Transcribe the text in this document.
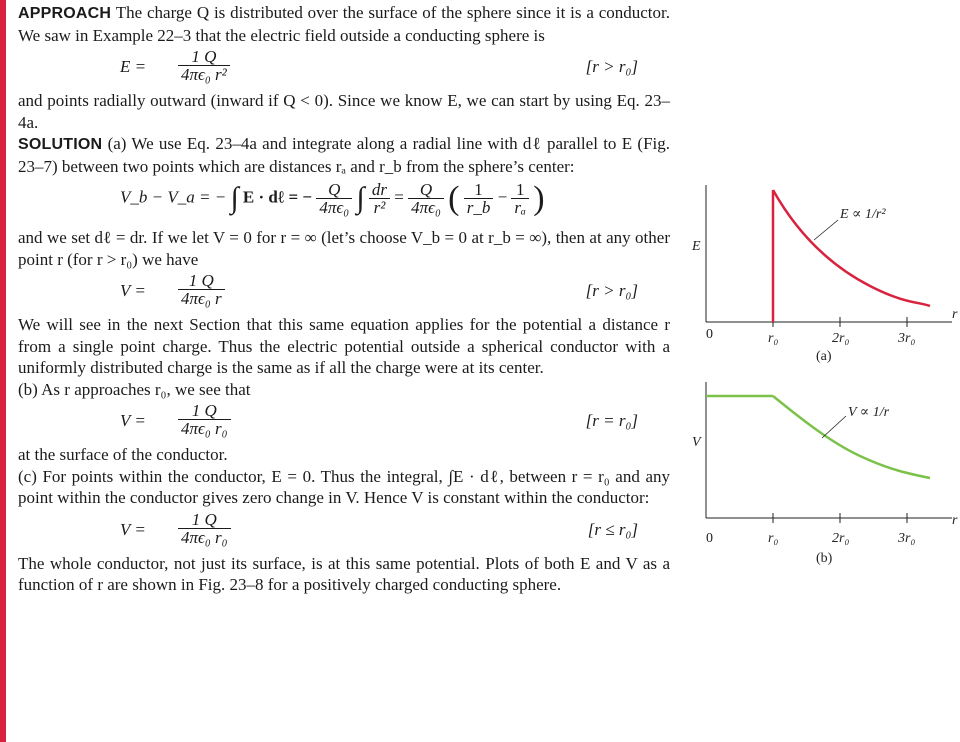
APPROACH The charge Q is distributed over the surface of the sphere since it is a conductor. We saw in Example 22–3 that the electric field outside a conducting sphere is

$E = \frac{1 Q}{\text{4πϵ₀ r²}}$	[r > r₀]

and points radially outward (inward if Q < 0). Since we know E, we can start by using Eq. 23–4a.

SOLUTION (a) We use Eq. 23–4a and integrate along a radial line with dℓ parallel to E (Fig. 23–7) between two points which are distances rₐ and r_b from the sphere’s center:

V_b − V_a = − ∫ E · dℓ = − $\frac{Q}{\text{4πϵ₀}}$ ∫ $\frac{dr}{\text{r²}} = \frac{Q}{\text{4πϵ₀}}$ ( $\frac{1}{r\_b} - \frac{1}{\text{rₐ}}$ )

and we set dℓ = dr. If we let V = 0 for r = ∞ (let’s choose V_b = 0 at r_b = ∞), then at any other point r (for r > r₀) we have

$V = \frac{1 Q}{\text{4πϵ₀ r}}$	[r > r₀]

We will see in the next Section that this same equation applies for the potential a distance r from a single point charge. Thus the electric potential outside a spherical conductor with a uniformly distributed charge is the same as if all the charge were at its center.

(b) As r approaches r₀, we see that

$V = \frac{1 Q}{\text{4πϵ₀ r₀}}$	[r = r₀]

at the surface of the conductor.

(c) For points within the conductor, E = 0. Thus the integral, ∫E · dℓ, between r = r₀ and any point within the conductor gives zero change in V. Hence V is constant within the conductor:

$V = \frac{1 Q}{\text{4πϵ₀ r₀}}$	[r ≤ r₀]

The whole conductor, not just its surface, is at this same potential. Plots of both E and V as a function of r are shown in Fig. 23–8 for a positively charged conducting sphere.

E
r
0	r₀	2r₀	3r₀
E ∝ 1/r²
(a)
V
r
0	r₀	2r₀	3r₀
V ∝ 1/r
(b)
